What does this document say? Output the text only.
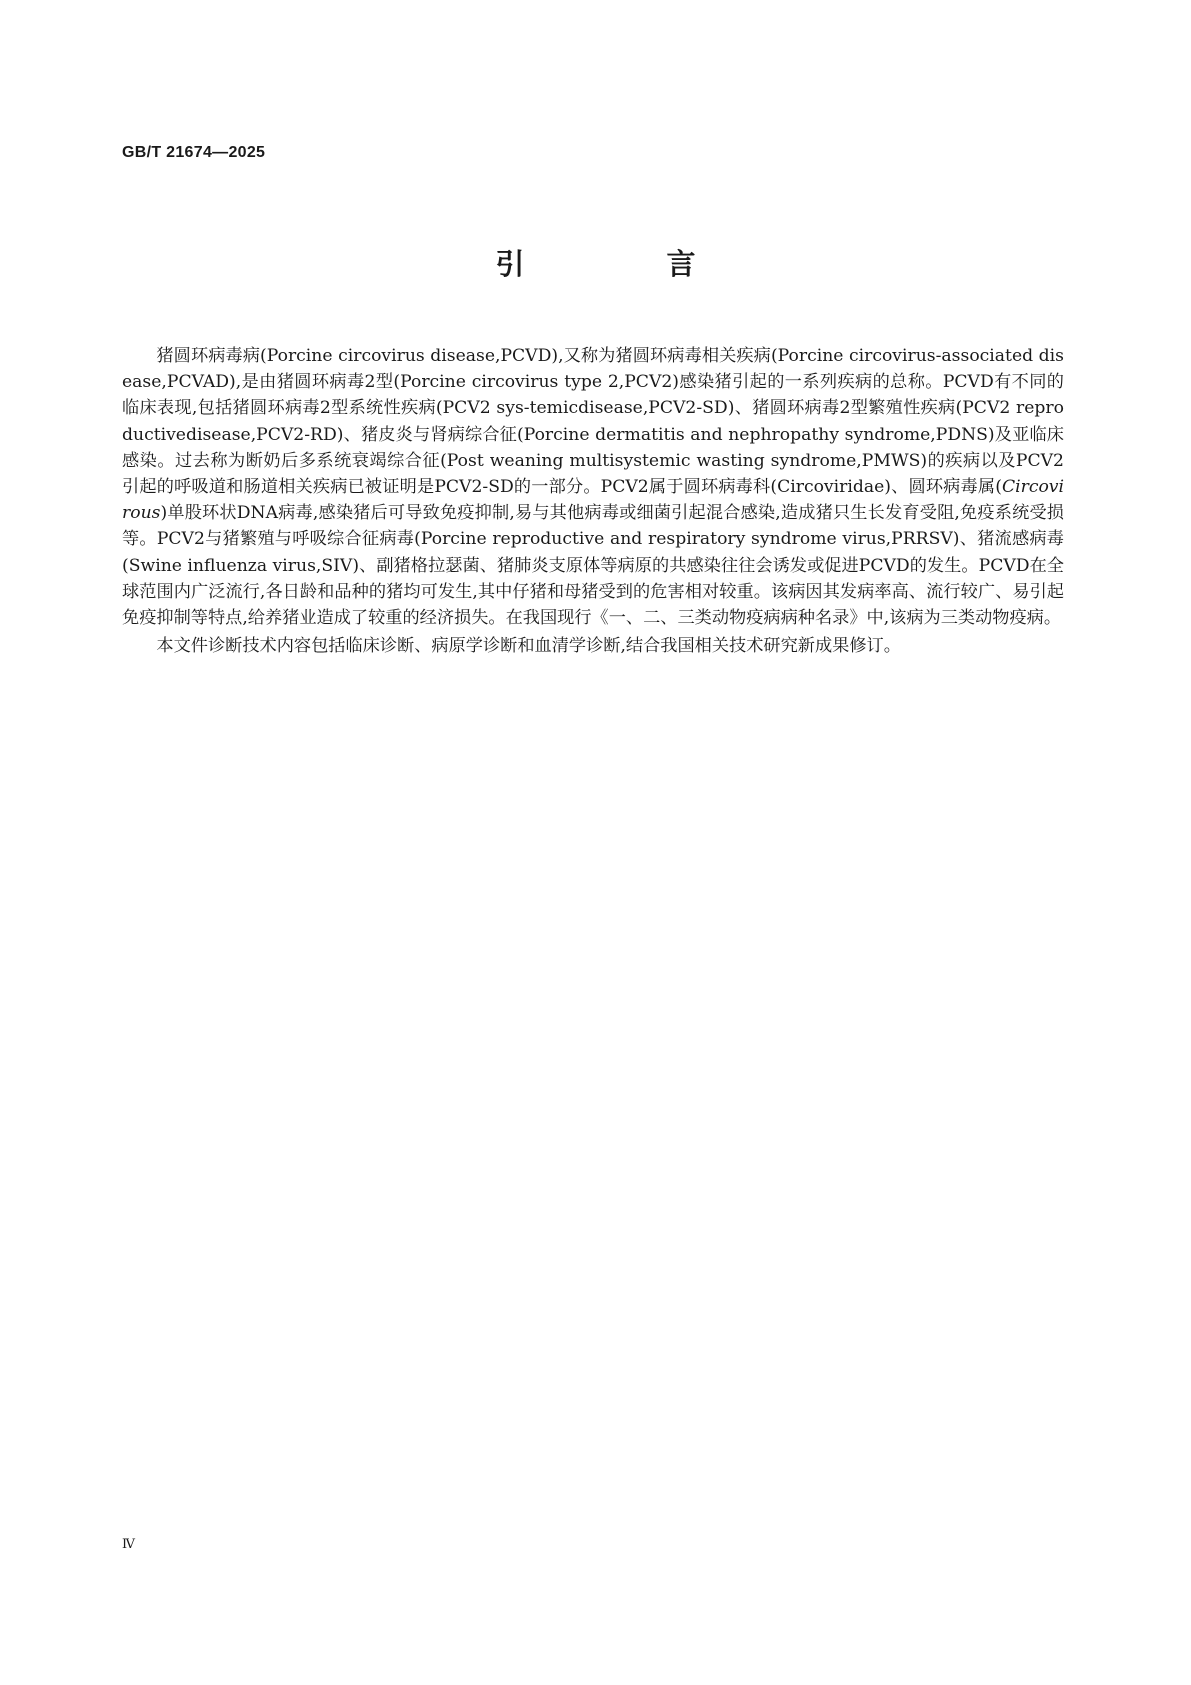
GB/T 21674—2025
引 言

猪圆环病毒病(Porcine circovirus disease,PCVD),又称为猪圆环病毒相关疾病(Porcine circovirus-associated disease,PCVAD),是由猪圆环病毒2型(Porcine circovirus type 2,PCV2)感染猪引起的一系列疾病的总称。PCVD有不同的临床表现,包括猪圆环病毒2型系统性疾病(PCV2 sys-temicdisease,PCV2-SD)、猪圆环病毒2型繁殖性疾病(PCV2 reproductivedisease,PCV2-RD)、猪皮炎与肾病综合征(Porcine dermatitis and nephropathy syndrome,PDNS)及亚临床感染。过去称为断奶后多系统衰竭综合征(Post weaning multisystemic wasting syndrome,PMWS)的疾病以及PCV2引起的呼吸道和肠道相关疾病已被证明是PCV2-SD的一部分。PCV2属于圆环病毒科(Circoviridae)、圆环病毒属(Circovirous)单股环状DNA病毒,感染猪后可导致免疫抑制,易与其他病毒或细菌引起混合感染,造成猪只生长发育受阻,免疫系统受损等。PCV2与猪繁殖与呼吸综合征病毒(Porcine reproductive and respiratory syndrome virus,PRRSV)、猪流感病毒(Swine influenza virus,SIV)、副猪格拉瑟菌、猪肺炎支原体等病原的共感染往往会诱发或促进PCVD的发生。PCVD在全球范围内广泛流行,各日龄和品种的猪均可发生,其中仔猪和母猪受到的危害相对较重。该病因其发病率高、流行较广、易引起免疫抑制等特点,给养猪业造成了较重的经济损失。在我国现行《一、二、三类动物疫病病种名录》中,该病为三类动物疫病。

本文件诊断技术内容包括临床诊断、病原学诊断和血清学诊断,结合我国相关技术研究新成果修订。

Ⅳ
